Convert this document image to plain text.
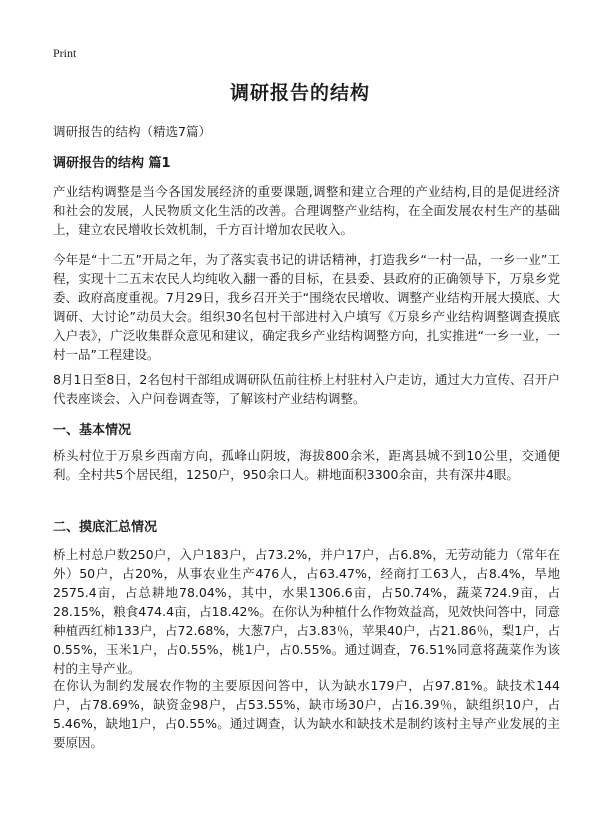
Print
调研报告的结构

调研报告的结构（精选7篇）

调研报告的结构 篇1

产业结构调整是当今各国发展经济的重要课题,调整和建立合理的产业结构,目的是促进经济和社会的发展，人民物质文化生活的改善。合理调整产业结构，在全面发展农村生产的基础上，建立农民增收长效机制，千方百计增加农民收入。

今年是“十二五”开局之年，为了落实袁书记的讲话精神，打造我乡“一村一品，一乡一业”工程，实现十二五末农民人均纯收入翻一番的目标，在县委、县政府的正确领导下，万泉乡党委、政府高度重视。7月29日，我乡召开关于“围绕农民增收、调整产业结构开展大摸底、大调研、大讨论”动员大会。组织30名包村干部进村入户填写《万泉乡产业结构调整调查摸底入户表》，广泛收集群众意见和建议，确定我乡产业结构调整方向，扎实推进“一乡一业，一村一品”工程建设。

8月1日至8日，2名包村干部组成调研队伍前往桥上村驻村入户走访，通过大力宣传、召开户代表座谈会、入户问卷调查等，了解该村产业结构调整。

一、基本情况

桥头村位于万泉乡西南方向，孤峰山阴坡，海拔800余米，距离县城不到10公里，交通便利。全村共5个居民组，1250户，950余口人。耕地面积3300余亩，共有深井4眼。

二、摸底汇总情况

桥上村总户数250户，入户183户，占73.2%，并户17户，占6.8%，无劳动能力（常年在外）50户，占20%，从事农业生产476人，占63.47%，经商打工63人，占8.4%，旱地2575.4亩，占总耕地78.04%，其中，水果1306.6亩，占50.74%，蔬菜724.9亩，占28.15%，粮食474.4亩，占18.42%。在你认为种植什么作物效益高，见效快问答中，同意种植西红柿133户，占72.68%，大葱7户，占3.83％，苹果40户，占21.86％，梨1户，占0.55%，玉米1户，占0.55%，桃1户，占0.55%。通过调查，76.51%同意将蔬菜作为该村的主导产业。

在你认为制约发展农作物的主要原因问答中，认为缺水179户，占97.81%。缺技术144户，占78.69%，缺资金98户，占53.55%，缺市场30户，占16.39％，缺组织10户，占5.46%，缺地1户，占0.55%。通过调查，认为缺水和缺技术是制约该村主导产业发展的主要原因。
